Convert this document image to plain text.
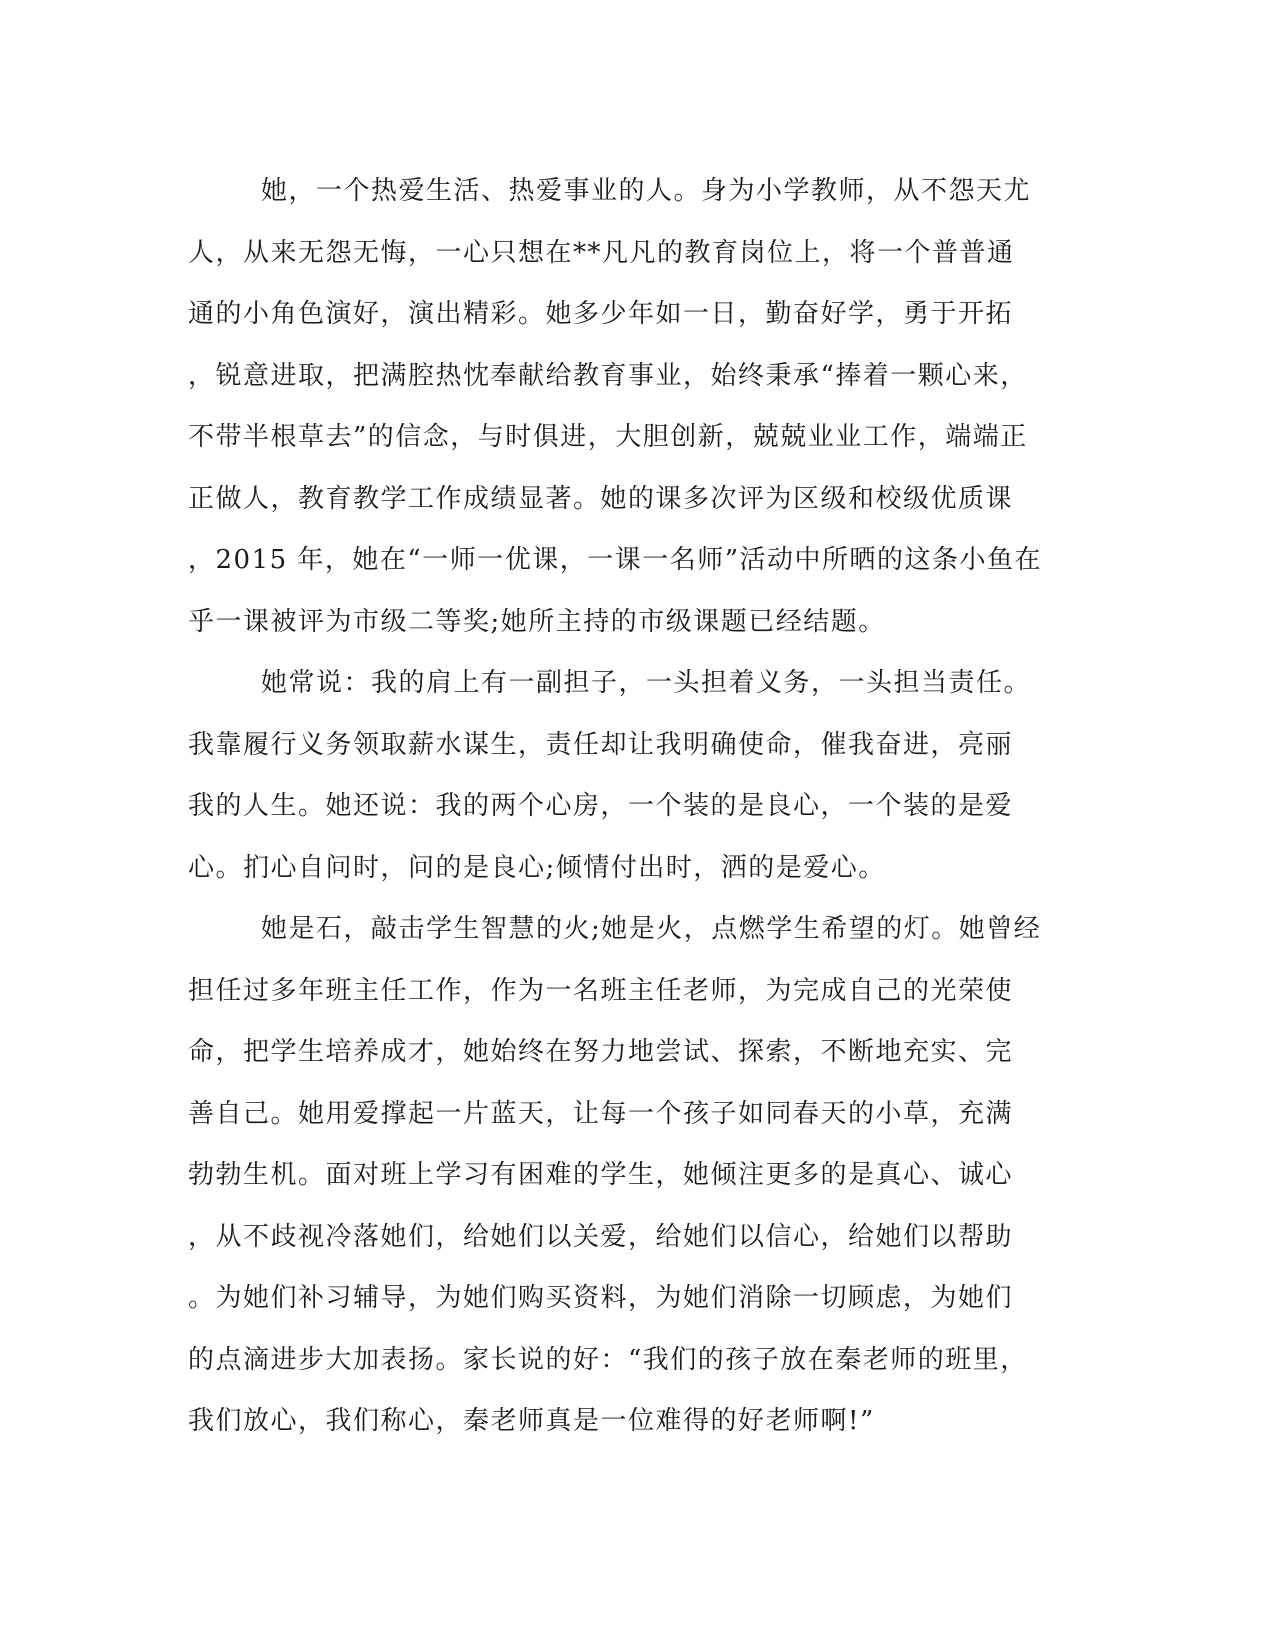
她，一个热爱生活、热爱事业的人。身为小学教师，从不怨天尤
人，从来无怨无悔，一心只想在**凡凡的教育岗位上，将一个普普通
通的小角色演好，演出精彩。她多少年如一日，勤奋好学，勇于开拓
，锐意进取，把满腔热忱奉献给教育事业，始终秉承“捧着一颗心来，
不带半根草去”的信念，与时俱进，大胆创新，兢兢业业工作，端端正
正做人，教育教学工作成绩显著。她的课多次评为区级和校级优质课
，2015 年，她在“一师一优课，一课一名师”活动中所晒的这条小鱼在
乎一课被评为市级二等奖;她所主持的市级课题已经结题。
她常说：我的肩上有一副担子，一头担着义务，一头担当责任。
我靠履行义务领取薪水谋生，责任却让我明确使命，催我奋进，亮丽
我的人生。她还说：我的两个心房，一个装的是良心，一个装的是爱
心。扪心自问时，问的是良心;倾情付出时，洒的是爱心。
她是石，敲击学生智慧的火;她是火，点燃学生希望的灯。她曾经
担任过多年班主任工作，作为一名班主任老师，为完成自己的光荣使
命，把学生培养成才，她始终在努力地尝试、探索，不断地充实、完
善自己。她用爱撑起一片蓝天，让每一个孩子如同春天的小草，充满
勃勃生机。面对班上学习有困难的学生，她倾注更多的是真心、诚心
，从不歧视冷落她们，给她们以关爱，给她们以信心，给她们以帮助
。为她们补习辅导，为她们购买资料，为她们消除一切顾虑，为她们
的点滴进步大加表扬。家长说的好：“我们的孩子放在秦老师的班里，
我们放心，我们称心，秦老师真是一位难得的好老师啊!”
